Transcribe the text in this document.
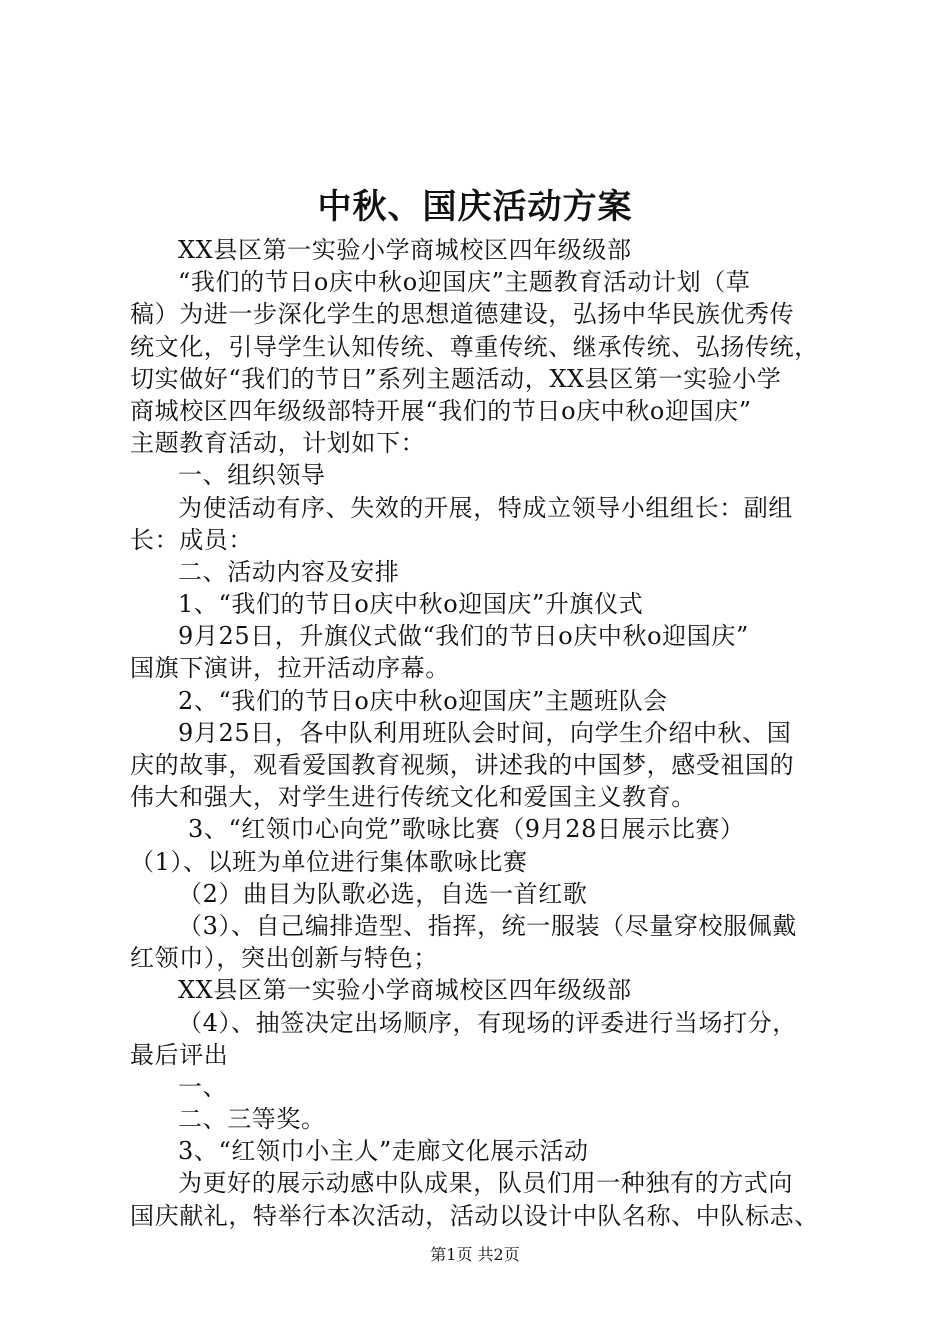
中秋、国庆活动方案
XX县区第一实验小学商城校区四年级级部
“我们的节日o庆中秋o迎国庆”主题教育活动计划（草
稿）为进一步深化学生的思想道德建设，弘扬中华民族优秀传
统文化，引导学生认知传统、尊重传统、继承传统、弘扬传统，
切实做好“我们的节日”系列主题活动，XX县区第一实验小学
商城校区四年级级部特开展“我们的节日o庆中秋o迎国庆”
主题教育活动，计划如下：
一、组织领导
为使活动有序、失效的开展，特成立领导小组组长：副组
长：成员：
二、活动内容及安排
1、“我们的节日o庆中秋o迎国庆”升旗仪式
9月25日，升旗仪式做“我们的节日o庆中秋o迎国庆”
国旗下演讲，拉开活动序幕。
2、“我们的节日o庆中秋o迎国庆”主题班队会
9月25日，各中队利用班队会时间，向学生介绍中秋、国
庆的故事，观看爱国教育视频，讲述我的中国梦，感受祖国的
伟大和强大，对学生进行传统文化和爱国主义教育。
3、“红领巾心向党”歌咏比赛（9月28日展示比赛）
（1）、以班为单位进行集体歌咏比赛
（2）曲目为队歌必选，自选一首红歌
（3）、自己编排造型、指挥，统一服装（尽量穿校服佩戴
红领巾），突出创新与特色；
XX县区第一实验小学商城校区四年级级部
（4）、抽签决定出场顺序，有现场的评委进行当场打分，
最后评出
一、
二、三等奖。
3、“红领巾小主人”走廊文化展示活动
为更好的展示动感中队成果，队员们用一种独有的方式向
国庆献礼，特举行本次活动，活动以设计中队名称、中队标志、
第1页 共2页
